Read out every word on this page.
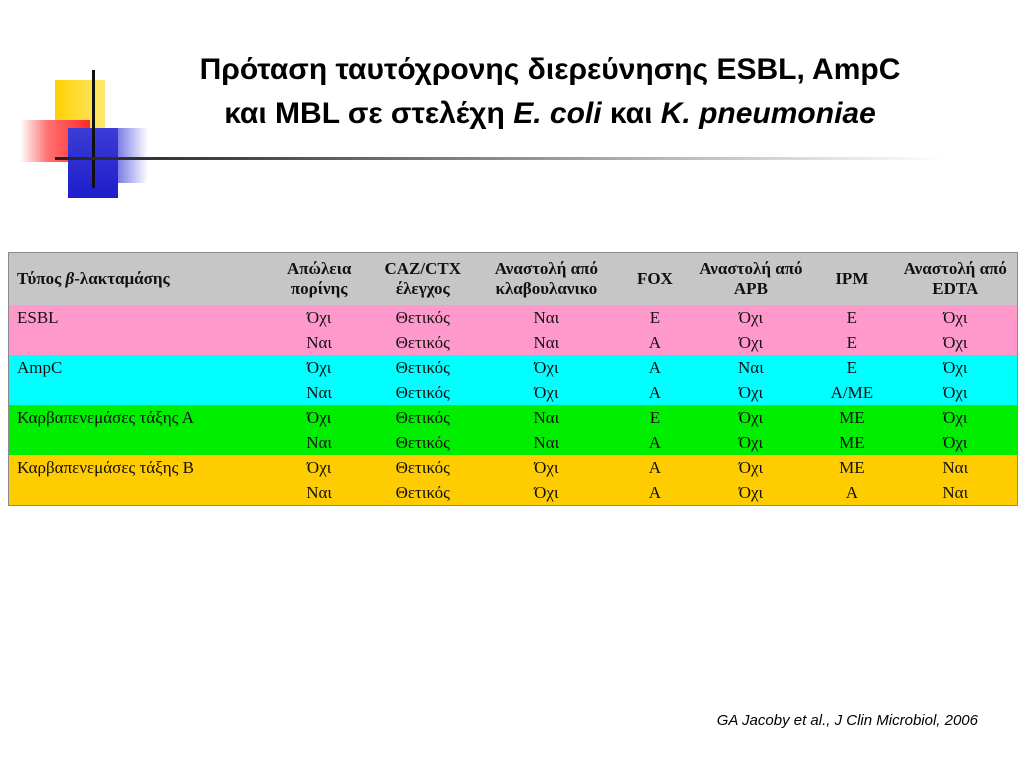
Πρόταση ταυτόχρονης διερεύνησης ESBL, AmpC
και MBL σε στελέχη E. coli και K. pneumoniae
Τύπος β-λακταμάσης	Απώλεια πορίνης	CAZ/CTX έλεγχος	Αναστολή από κλαβουλανικο	FOX	Αναστολή από APB	IPM	Αναστολή από EDTA
ESBL	Όχι	Θετικός	Ναι	Ε	Όχι	Ε	Όχι
	Ναι	Θετικός	Ναι	Α	Όχι	Ε	Όχι
AmpC	Όχι	Θετικός	Όχι	Α	Ναι	Ε	Όχι
	Ναι	Θετικός	Όχι	Α	Όχι	Α/ΜΕ	Όχι
Καρβαπενεμάσες τάξης Α	Όχι	Θετικός	Ναι	Ε	Όχι	ΜΕ	Όχι
	Ναι	Θετικός	Ναι	Α	Όχι	ΜΕ	Όχι
Καρβαπενεμάσες τάξης Β	Όχι	Θετικός	Όχι	Α	Όχι	ΜΕ	Ναι
	Ναι	Θετικός	Όχι	Α	Όχι	Α	Ναι
GA Jacoby et al., J Clin Microbiol, 2006
